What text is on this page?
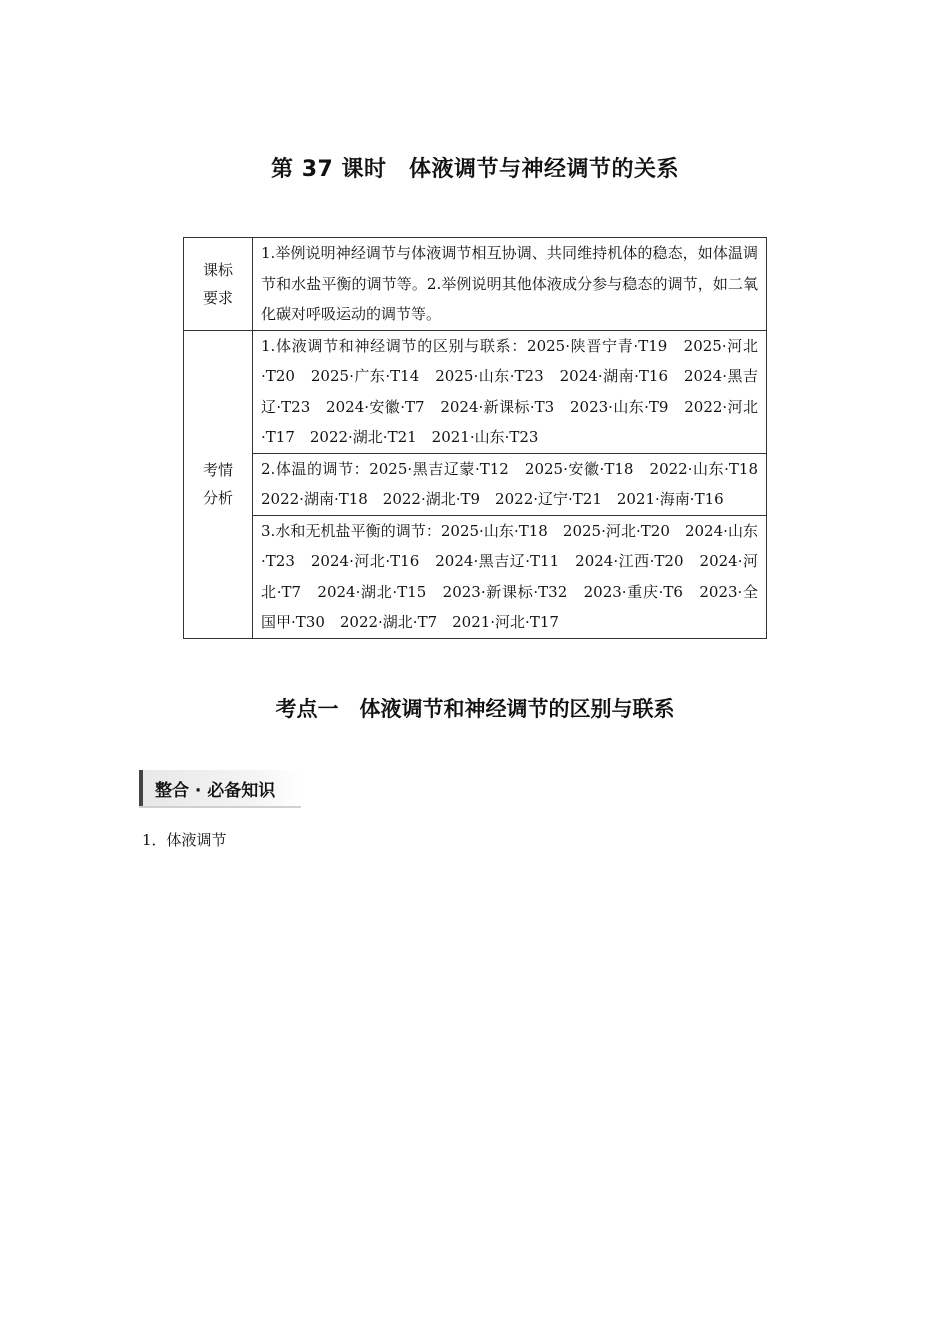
第 37 课时　体液调节与神经调节的关系
课标
要求	1.举例说明神经调节与体液调节相互协调、共同维持机体的稳态，如体温调节和水盐平衡的调节等。2.举例说明其他体液成分参与稳态的调节，如二氧化碳对呼吸运动的调节等。

考情
分析	1.体液调节和神经调节的区别与联系：2025·陕晋宁青·T19　2025·河北·T20　2025·广东·T14　2025·山东·T23　2024·湖南·T16　2024·黑吉辽·T23　2024·安徽·T7　2024·新课标·T3　2023·山东·T9　2022·河北·T17　2022·湖北·T21　2021·山东·T23
	2.体温的调节：2025·黑吉辽蒙·T12　2025·安徽·T18　2022·山东·T18　2022·湖南·T18　2022·湖北·T9　2022·辽宁·T21　2021·海南·T16
	3.水和无机盐平衡的调节：2025·山东·T18　2025·河北·T20　2024·山东·T23　2024·河北·T16　2024·黑吉辽·T11　2024·江西·T20　2024·河北·T7　2024·湖北·T15　2023·新课标·T32　2023·重庆·T6　2023·全国甲·T30　2022·湖北·T7　2021·河北·T17
考点一　体液调节和神经调节的区别与联系
整合 · 必备知识
1．体液调节
